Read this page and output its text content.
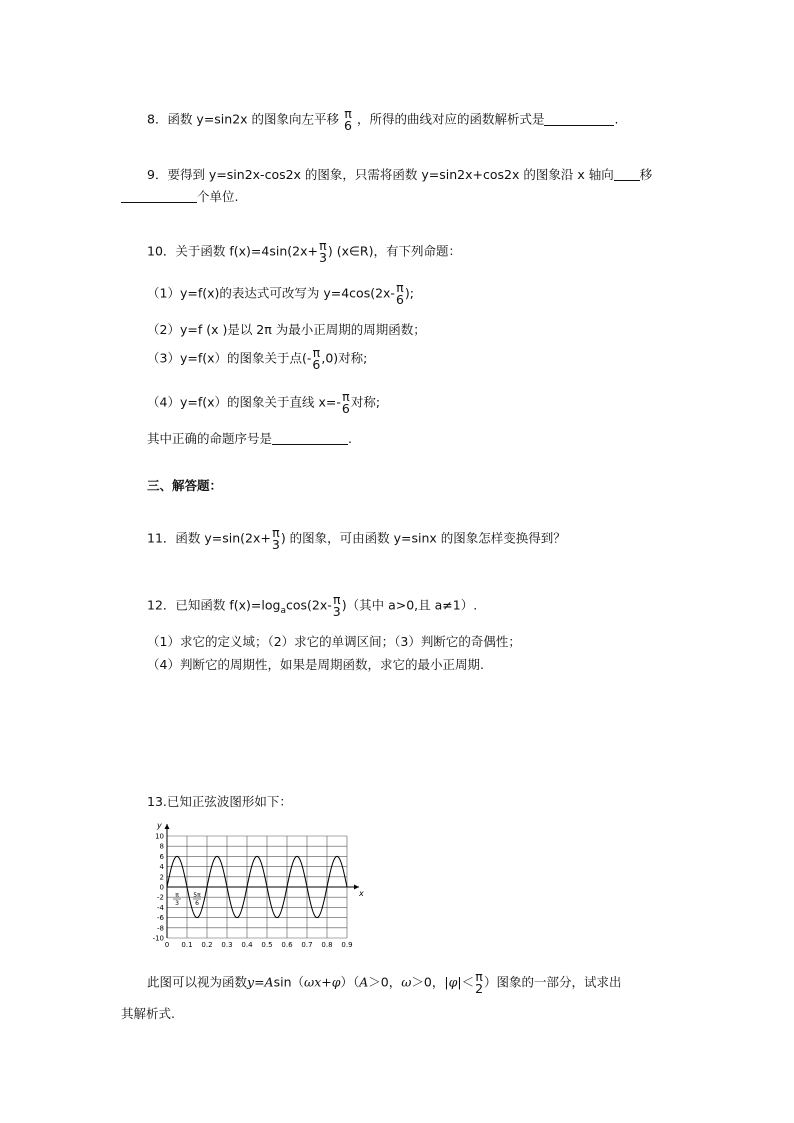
8．函数 y=sin2x 的图象向左平移 π
6 ，所得的曲线对应的函数解析式是	.
9．要得到 y=sin2x-cos2x 的图象，只需将函数 y=sin2x+cos2x 的图象沿 x 轴向 移
个单位.
10．关于函数 f(x)=4sin(2x+ π
3 ) (x∈R)，有下列命题：
（1）y=f(x)的表达式可改写为 y=4cos(2x- π
6 );
（2）y=f (x )是以 2π 为最小正周期的周期函数；
（3）y=f(x）的图象关于点(- π
6 ,0)对称;
（4）y=f(x）的图象关于直线 x=- π
6 对称;
其中正确的命题序号是	.
三、解答题：
11．函数 y=sin(2x+ π
3 ) 的图象，可由函数 y=sinx 的图象怎样变换得到？
12．已知函数 $f(x)=\log_a\cos(2x-$ π
3 )（其中 a>0,且 a≠1）.
（1）求它的定义域；（2）求它的单调区间；（3）判断它的奇偶性；
（4）判断它的周期性，如果是周期函数，求它的最小正周期.
13.已知正弦波图形如下：
x
y
10
8
6
4
2
0
-2
-4
-6
-8
-10
0 0.1 0.2 0.3 0.4 0.5 0.6 0.7 0.8 0.9
π
3
5π
6
此图可以视为函数y=Asin（ωx+φ）（A＞0，ω＞0，|φ|＜ π
2 ）图象的一部分，试求出
其解析式.
